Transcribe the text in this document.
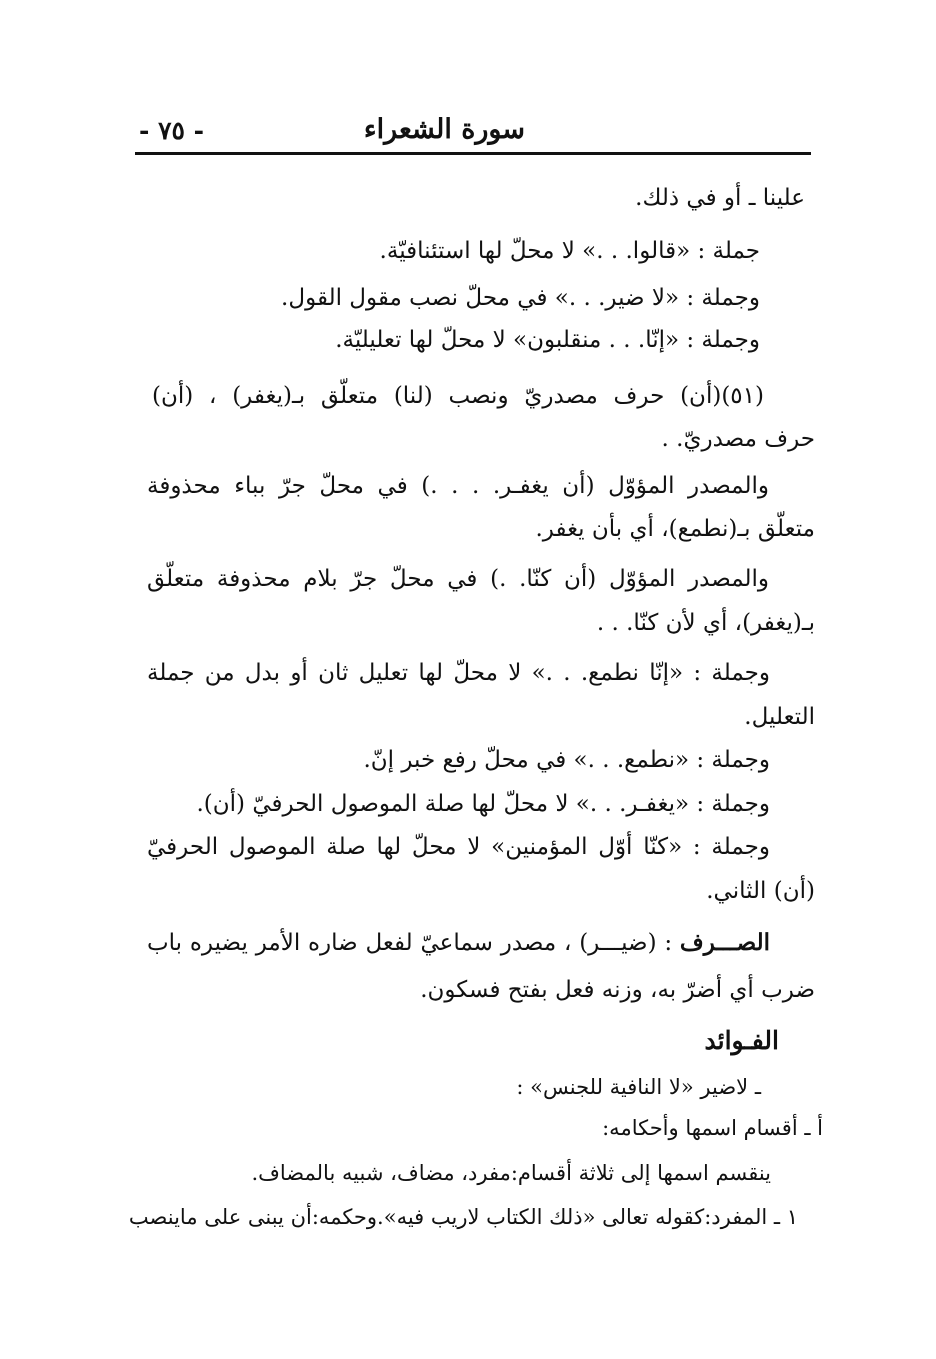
سورة الشعراء
- ٧٥ -
علينا ـ أو في ذلك.
جملة : «قالوا. . .» لا محلّ لها استئنافيّة.
وجملة : «لا ضير. . .» في محلّ نصب مقول القول.
وجملة : «إنّا. . . منقلبون» لا محلّ لها تعليليّة.
(٥١)(أن) حرف مصدريّ ونصب (لنا) متعلّق بـ(يغفر) ، (أن)
حرف مصدريّ. .
والمصدر المؤوّل (أن يغفـر. . . .) في محلّ جرّ بباء محذوفة
متعلّق بـ(نطمع)، أي بأن يغفر.
والمصدر المؤوّل (أن كنّا. .) في محلّ جرّ بلام محذوفة متعلّق
بـ(يغفر)، أي لأن كنّا. . .
وجملة : «إنّا نطمع. . .» لا محلّ لها تعليل ثان أو بدل من جملة
التعليل.
وجملة : «نطمع. . .» في محلّ رفع خبر إنّ.
وجملة : «يغفـر. . .» لا محلّ لها صلة الموصول الحرفيّ (أن).
وجملة : «كنّا أوّل المؤمنين» لا محلّ لها صلة الموصول الحرفيّ
(أن) الثاني.
الصـــرف : (ضيـــر) ، مصدر سماعيّ لفعل ضاره الأمر يضيره باب
ضرب أي أضرّ به، وزنه فعل بفتح فسكون.
الفـوائد
ـ لاضير «لا النافية للجنس» :
أ ـ أقسام اسمها وأحكامه:
ينقسم اسمها إلى ثلاثة أقسام:مفرد، مضاف، شبيه بالمضاف.
١ ـ المفرد:كقوله تعالى «ذلك الكتاب لاريب فيه».وحكمه:أن يبنى على ماينصب
